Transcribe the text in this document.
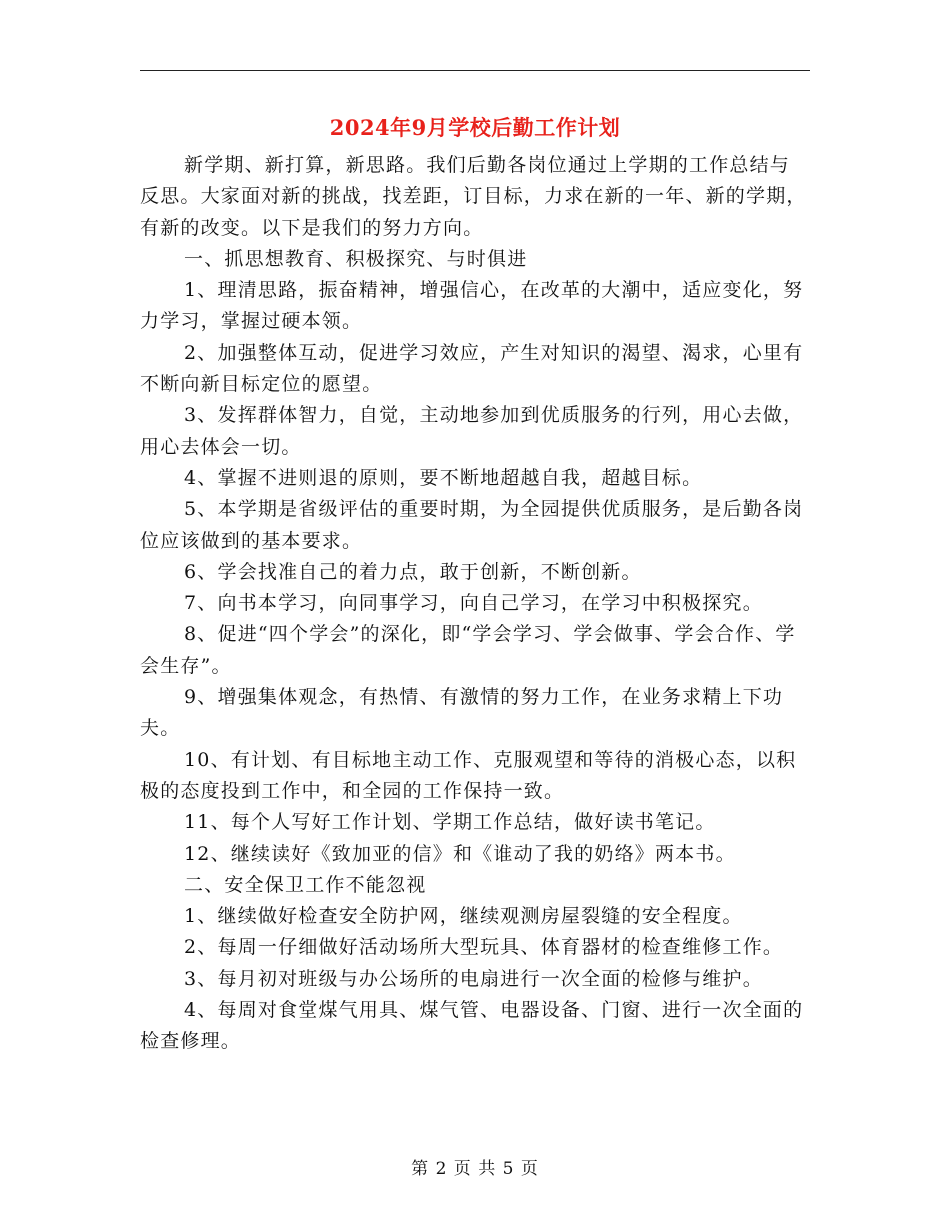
2024年9月学校后勤工作计划

新学期、新打算，新思路。我们后勤各岗位通过上学期的工作总结与反思。大家面对新的挑战，找差距，订目标，力求在新的一年、新的学期，有新的改变。以下是我们的努力方向。

一、抓思想教育、积极探究、与时俱进

1、理清思路，振奋精神，增强信心，在改革的大潮中，适应变化，努力学习，掌握过硬本领。

2、加强整体互动，促进学习效应，产生对知识的渴望、渴求，心里有不断向新目标定位的愿望。

3、发挥群体智力，自觉，主动地参加到优质服务的行列，用心去做，用心去体会一切。

4、掌握不进则退的原则，要不断地超越自我，超越目标。

5、本学期是省级评估的重要时期，为全园提供优质服务，是后勤各岗位应该做到的基本要求。

6、学会找准自己的着力点，敢于创新，不断创新。

7、向书本学习，向同事学习，向自己学习，在学习中积极探究。

8、促进“四个学会”的深化，即“学会学习、学会做事、学会合作、学会生存”。

9、增强集体观念，有热情、有激情的努力工作，在业务求精上下功夫。

10、有计划、有目标地主动工作、克服观望和等待的消极心态，以积极的态度投到工作中，和全园的工作保持一致。

11、每个人写好工作计划、学期工作总结，做好读书笔记。

12、继续读好《致加亚的信》和《谁动了我的奶络》两本书。

二、安全保卫工作不能忽视

1、继续做好检查安全防护网，继续观测房屋裂缝的安全程度。

2、每周一仔细做好活动场所大型玩具、体育器材的检查维修工作。

3、每月初对班级与办公场所的电扇进行一次全面的检修与维护。

4、每周对食堂煤气用具、煤气管、电器设备、门窗、进行一次全面的检查修理。

第 2 页 共 5 页
